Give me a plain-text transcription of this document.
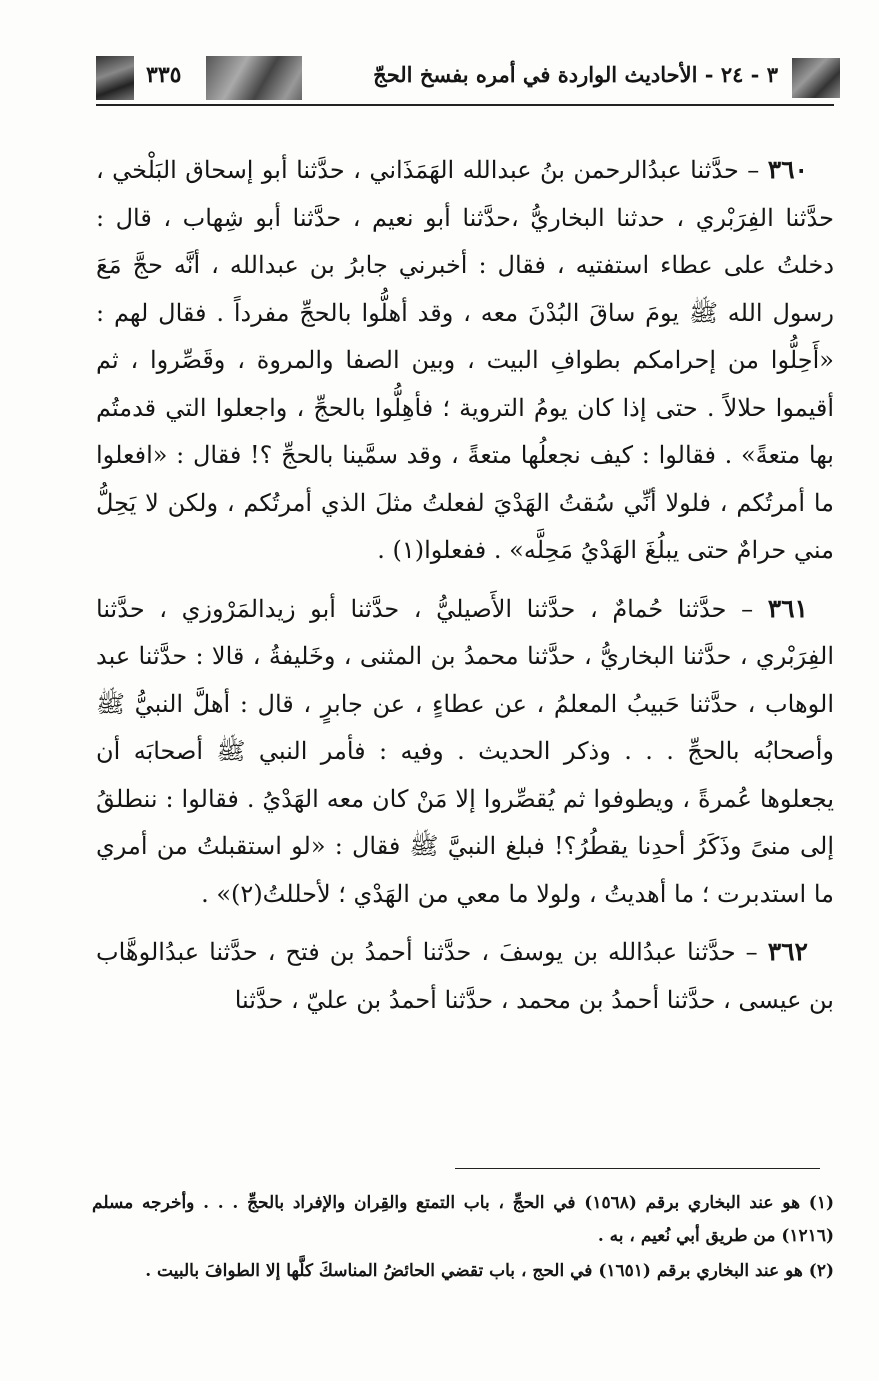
٣ - ٢٤ - الأحاديث الواردة في أمره بفسخ الحجّ
٣٣٥

٣٦٠ – حدَّثنا عبدُالرحمن بنُ عبدالله الهَمَذَاني ، حدَّثنا أبو إسحاق البَلْخي ، حدَّثنا الفِرَبْري ، حدثنا البخاريُّ ،حدَّثنا أبو نعيم ، حدَّثنا أبو شِهاب ، قال : دخلتُ على عطاء استفتيه ، فقال : أخبرني جابرُ بن عبدالله ، أنَّه حجَّ مَعَ رسول الله ﷺ يومَ ساقَ البُدْنَ معه ، وقد أهلُّوا بالحجِّ مفرداً . فقال لهم : «أَحِلُّوا من إحرامكم بطوافِ البيت ، وبين الصفا والمروة ، وقَصِّروا ، ثم أقيموا حلالاً . حتى إذا كان يومُ التروية ؛ فأهِلُّوا بالحجِّ ، واجعلوا التي قدمتُم بها متعةً» . فقالوا : كيف نجعلُها متعةً ، وقد سمَّينا بالحجِّ ؟! فقال : «افعلوا ما أمرتُكم ، فلولا أنِّي سُقتُ الهَدْيَ لفعلتُ مثلَ الذي أمرتُكم ، ولكن لا يَحِلُّ مني حرامٌ حتى يبلُغَ الهَدْيُ مَحِلَّه» . ففعلوا(١) .

٣٦١ – حدَّثنا حُمامٌ ، حدَّثنا الأَصيليُّ ، حدَّثنا أبو زيدالمَرْوزي ، حدَّثنا الفِرَبْري ، حدَّثنا البخاريُّ ، حدَّثنا محمدُ بن المثنى ، وخَليفةُ ، قالا : حدَّثنا عبد الوهاب ، حدَّثنا حَبيبُ المعلمُ ، عن عطاءٍ ، عن جابرٍ ، قال : أهلَّ النبيُّ ﷺ وأصحابُه بالحجِّ . . . وذكر الحديث . وفيه : فأمر النبي ﷺ أصحابَه أن يجعلوها عُمرةً ، ويطوفوا ثم يُقصِّروا إلا مَنْ كان معه الهَدْيُ . فقالوا : ننطلقُ إلى منىً وذَكَرُ أحدِنا يقطُرُ؟! فبلغ النبيَّ ﷺ فقال : «لو استقبلتُ من أمري ما استدبرت ؛ ما أهديتُ ، ولولا ما معي من الهَدْي ؛ لأحللتُ(٢)» .

٣٦٢ – حدَّثنا عبدُالله بن يوسفَ ، حدَّثنا أحمدُ بن فتح ، حدَّثنا عبدُالوهَّاب بن عيسى ، حدَّثنا أحمدُ بن محمد ، حدَّثنا أحمدُ بن عليّ ، حدَّثنا

(١) هو عند البخاري برقم (١٥٦٨) في الحجِّ ، باب التمتع والقِران والإفراد بالحجِّ . . . وأخرجه مسلم (١٢١٦) من طريق أبي نُعيم ، به .

(٢) هو عند البخاري برقم (١٦٥١) في الحج ، باب تقضي الحائضُ المناسكَ كلَّها إلا الطوافَ بالبيت .
